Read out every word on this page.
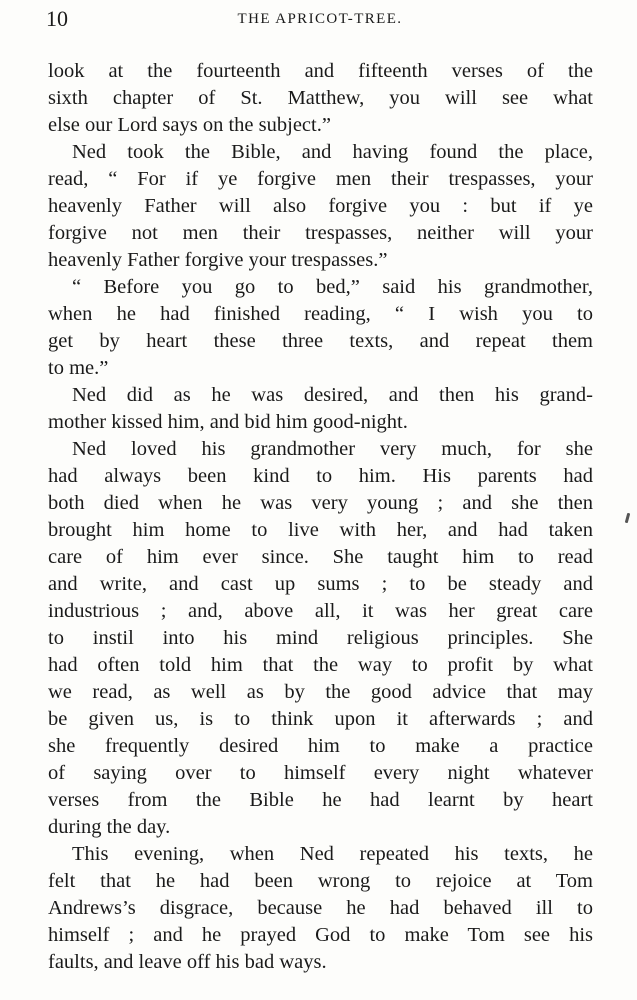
10	THE APRICOT-TREE.
look at the fourteenth and fifteenth verses of the
sixth chapter of St. Matthew, you will see what
else our Lord says on the subject.”
Ned took the Bible, and having found the place,
read, “ For if ye forgive men their trespasses, your
heavenly Father will also forgive you : but if ye
forgive not men their trespasses, neither will your
heavenly Father forgive your trespasses.”
“ Before you go to bed,” said his grandmother,
when he had finished reading, “ I wish you to
get by heart these three texts, and repeat them
to me.”
Ned did as he was desired, and then his grand-
mother kissed him, and bid him good-night.
Ned loved his grandmother very much, for she
had always been kind to him. His parents had
both died when he was very young ; and she then
brought him home to live with her, and had taken
care of him ever since. She taught him to read
and write, and cast up sums ; to be steady and
industrious ; and, above all, it was her great care
to instil into his mind religious principles. She
had often told him that the way to profit by what
we read, as well as by the good advice that may
be given us, is to think upon it afterwards ; and
she frequently desired him to make a practice
of saying over to himself every night whatever
verses from the Bible he had learnt by heart
during the day.
This evening, when Ned repeated his texts, he
felt that he had been wrong to rejoice at Tom
Andrews’s disgrace, because he had behaved ill to
himself ; and he prayed God to make Tom see his
faults, and leave off his bad ways.
